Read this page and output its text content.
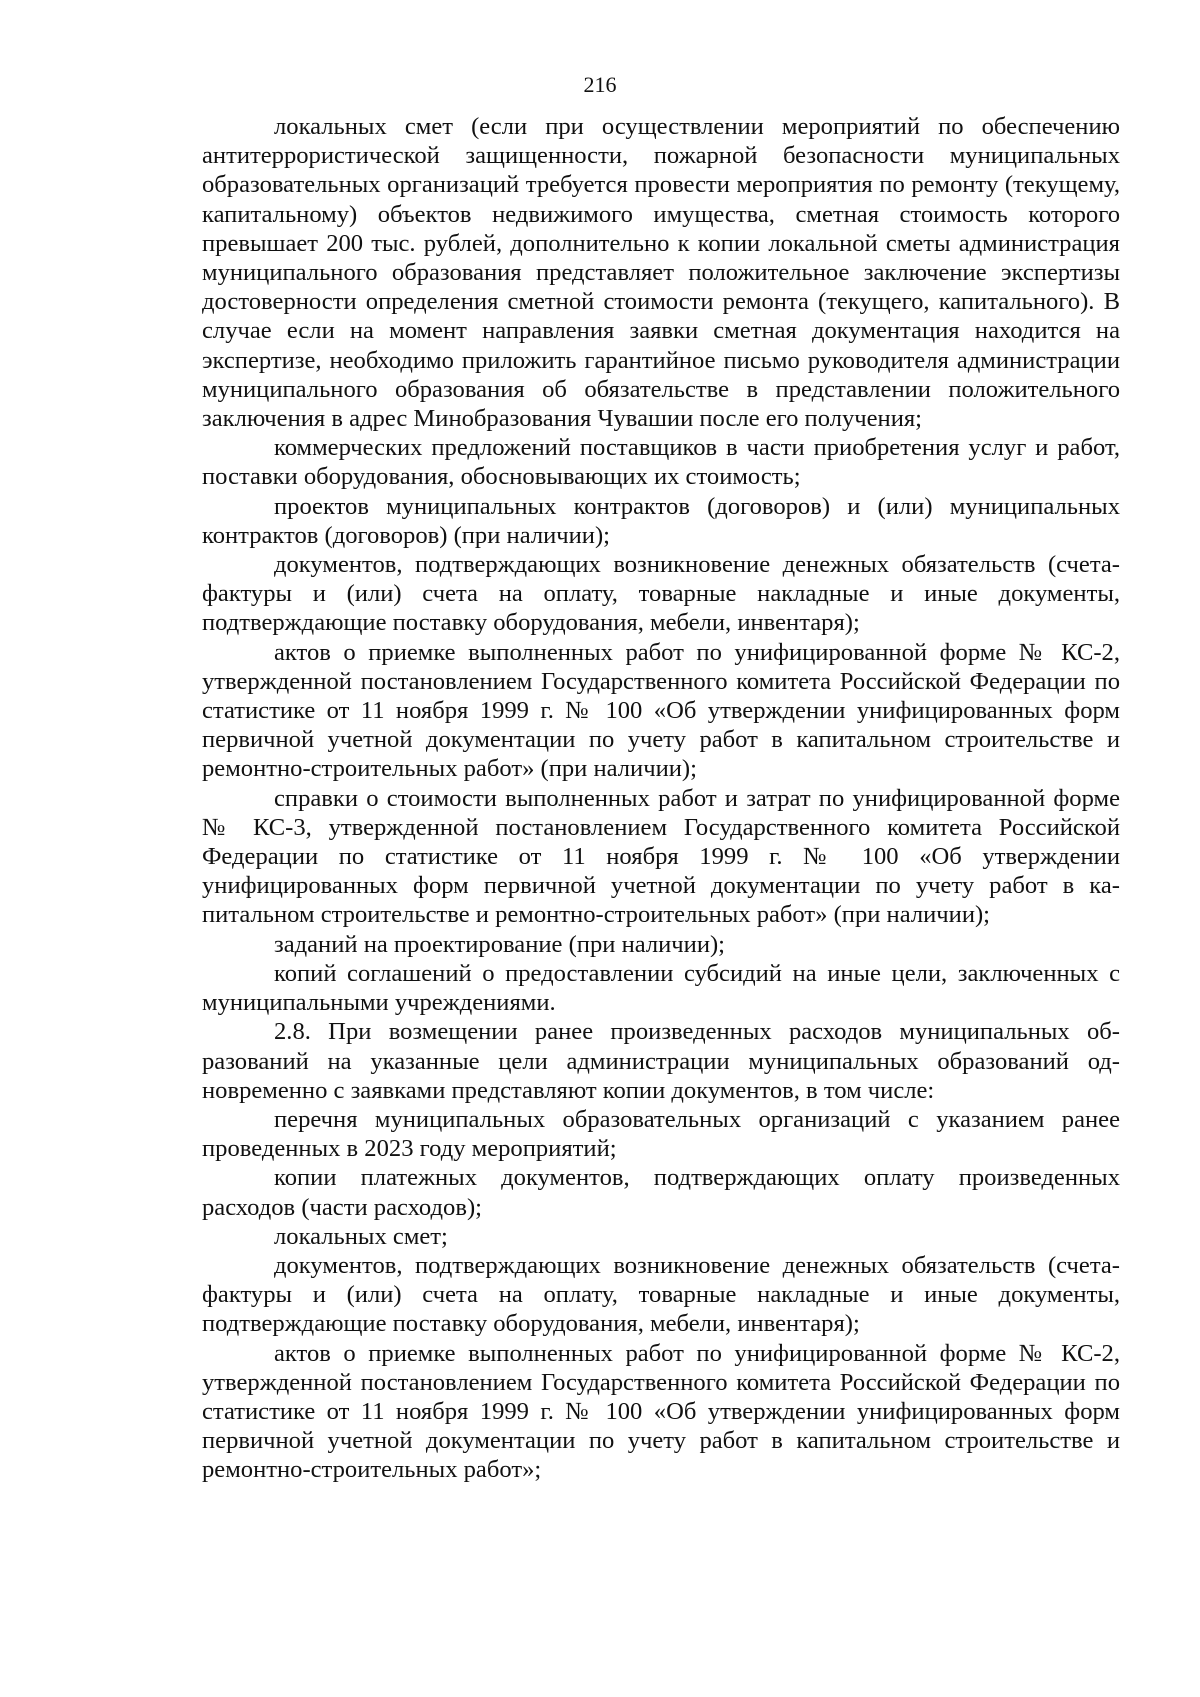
216

локальных смет (если при осуществлении мероприятий по обеспечению антитеррористической защищенности, пожарной безопасности муниципальных образовательных организаций требуется провести мероприятия по ремонту (текущему, капитальному) объектов недвижимого имущества, сметная стоимость которого превышает 200 тыс. рублей, дополнительно к копии локальной сметы администрация муниципального образования представляет положительное заключение экспертизы достоверности определения сметной стоимости ремонта (текущего, капитального). В случае если на момент направления заявки сметная документация находится на экспертизе, необходимо приложить гарантийное письмо руководителя администрации муниципального образования об обязательстве в представлении положительного заключения в адрес Минобразования Чувашии после его получения;

коммерческих предложений поставщиков в части приобретения услуг и работ, поставки оборудования, обосновывающих их стоимость;

проектов муниципальных контрактов (договоров) и (или) муниципальных контрактов (договоров) (при наличии);

документов, подтверждающих возникновение денежных обязательств (счета-фактуры и (или) счета на оплату, товарные накладные и иные документы, подтверждающие поставку оборудования, мебели, инвентаря);

актов о приемке выполненных работ по унифицированной форме № КС-2, утвержденной постановлением Государственного комитета Российской Федерации по статистике от 11 ноября 1999 г. № 100 «Об утверждении унифицированных форм первичной учетной документации по учету работ в капитальном строительстве и ремонтно-строительных работ» (при наличии);

справки о стоимости выполненных работ и затрат по унифицированной форме № КС-3, утвержденной постановлением Государственного комитета Российской Федерации по статистике от 11 ноября 1999 г. № 100 «Об утверждении унифицированных форм первичной учетной документации по учету работ в капитальном строительстве и ремонтно-строительных работ» (при наличии);

заданий на проектирование (при наличии);

копий соглашений о предоставлении субсидий на иные цели, заключенных с муниципальными учреждениями.

2.8. При возмещении ранее произведенных расходов муниципальных образований на указанные цели администрации муниципальных образований одновременно с заявками представляют копии документов, в том числе:

перечня муниципальных образовательных организаций с указанием ранее проведенных в 2023 году мероприятий;

копии платежных документов, подтверждающих оплату произведенных расходов (части расходов);

локальных смет;

документов, подтверждающих возникновение денежных обязательств (счета-фактуры и (или) счета на оплату, товарные накладные и иные документы, подтверждающие поставку оборудования, мебели, инвентаря);

актов о приемке выполненных работ по унифицированной форме № КС-2, утвержденной постановлением Государственного комитета Российской Федерации по статистике от 11 ноября 1999 г. № 100 «Об утверждении унифицированных форм первичной учетной документации по учету работ в капитальном строительстве и ремонтно-строительных работ»;
